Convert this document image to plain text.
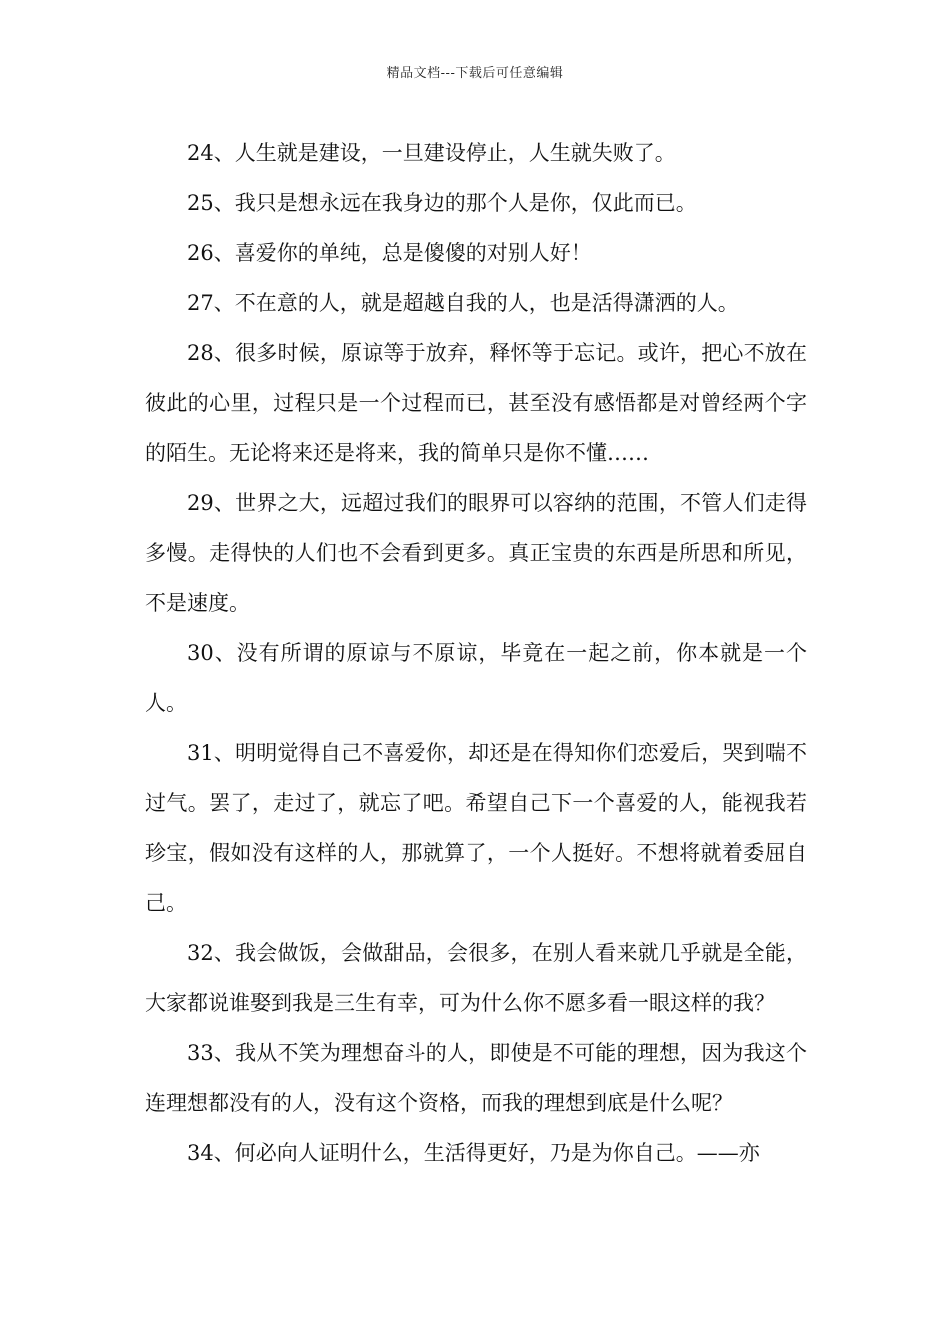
精品文档---下载后可任意编辑

24、人生就是建设，一旦建设停止，人生就失败了。

25、我只是想永远在我身边的那个人是你，仅此而已。

26、喜爱你的单纯，总是傻傻的对别人好！

27、不在意的人，就是超越自我的人，也是活得潇洒的人。

28、很多时候，原谅等于放弃，释怀等于忘记。或许，把心不放在彼此的心里，过程只是一个过程而已，甚至没有感悟都是对曾经两个字的陌生。无论将来还是将来，我的简单只是你不懂……

29、世界之大，远超过我们的眼界可以容纳的范围，不管人们走得多慢。走得快的人们也不会看到更多。真正宝贵的东西是所思和所见，不是速度。

30、没有所谓的原谅与不原谅，毕竟在一起之前，你本就是一个人。

31、明明觉得自己不喜爱你，却还是在得知你们恋爱后，哭到喘不过气。罢了，走过了，就忘了吧。希望自己下一个喜爱的人，能视我若珍宝，假如没有这样的人，那就算了，一个人挺好。不想将就着委屈自己。

32、我会做饭，会做甜品，会很多，在别人看来就几乎就是全能，大家都说谁娶到我是三生有幸，可为什么你不愿多看一眼这样的我？

33、我从不笑为理想奋斗的人，即使是不可能的理想，因为我这个连理想都没有的人，没有这个资格，而我的理想到底是什么呢？

34、何必向人证明什么，生活得更好，乃是为你自己。——亦
